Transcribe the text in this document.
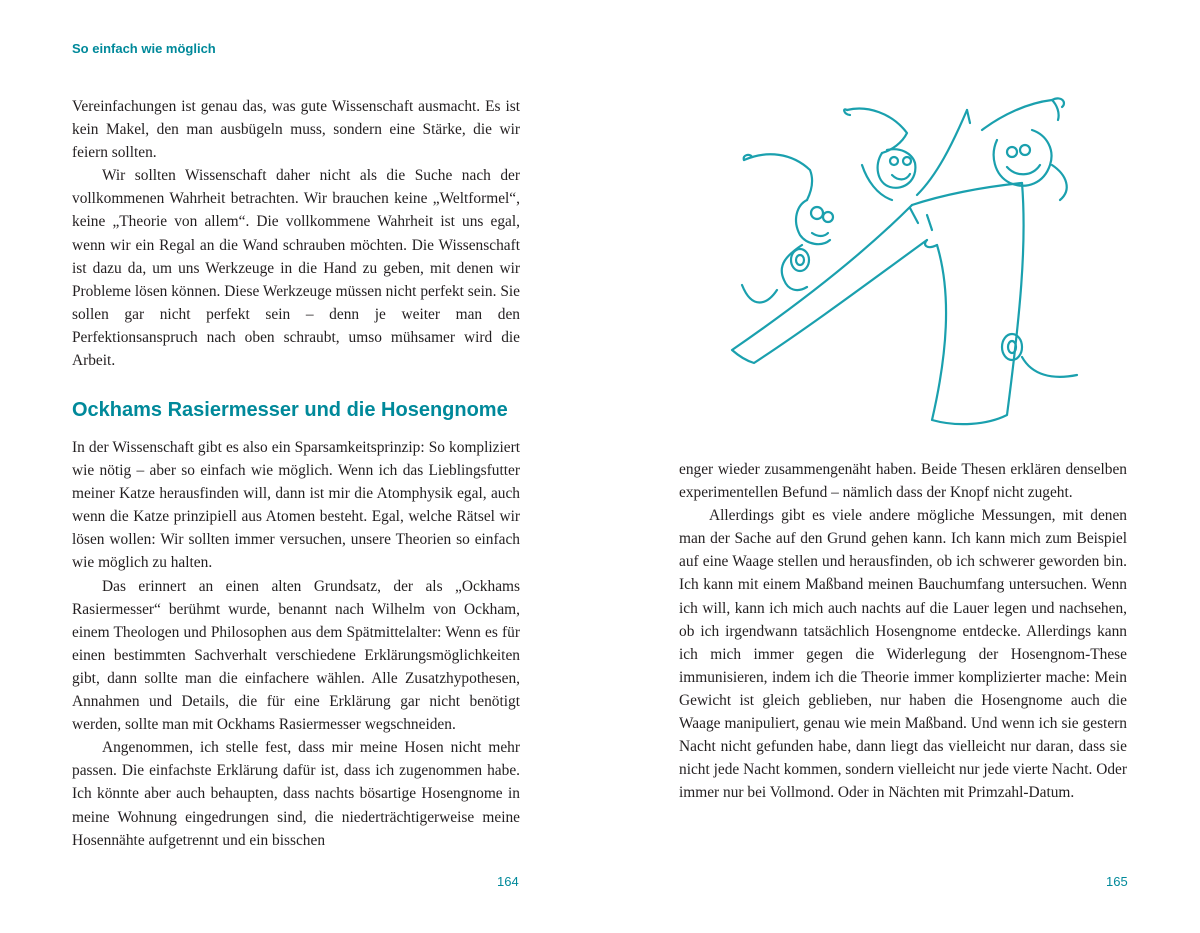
So einfach wie möglich

Vereinfachungen ist genau das, was gute Wissenschaft ausmacht. Es ist kein Makel, den man ausbügeln muss, sondern eine Stärke, die wir feiern sollten.

Wir sollten Wissenschaft daher nicht als die Suche nach der vollkommenen Wahrheit betrachten. Wir brauchen keine „Weltformel“, keine „Theorie von allem“. Die vollkommene Wahrheit ist uns egal, wenn wir ein Regal an die Wand schrauben möchten. Die Wissenschaft ist dazu da, um uns Werkzeuge in die Hand zu geben, mit denen wir Probleme lösen können. Diese Werkzeuge müssen nicht perfekt sein. Sie sollen gar nicht perfekt sein – denn je weiter man den Perfektionsanspruch nach oben schraubt, umso mühsamer wird die Arbeit.

Ockhams Rasiermesser und die Hosengnome

In der Wissenschaft gibt es also ein Sparsamkeitsprinzip: So kompliziert wie nötig – aber so einfach wie möglich. Wenn ich das Lieblingsfutter meiner Katze herausfinden will, dann ist mir die Atomphysik egal, auch wenn die Katze prinzipiell aus Atomen besteht. Egal, welche Rätsel wir lösen wollen: Wir sollten immer versuchen, unsere Theorien so einfach wie möglich zu halten.

Das erinnert an einen alten Grundsatz, der als „Ockhams Rasiermesser“ berühmt wurde, benannt nach Wilhelm von Ockham, einem Theologen und Philosophen aus dem Spätmittelalter: Wenn es für einen bestimmten Sachverhalt verschiedene Erklärungsmöglichkeiten gibt, dann sollte man die einfachere wählen. Alle Zusatzhypothesen, Annahmen und Details, die für eine Erklärung gar nicht benötigt werden, sollte man mit Ockhams Rasiermesser wegschneiden.

Angenommen, ich stelle fest, dass mir meine Hosen nicht mehr passen. Die einfachste Erklärung dafür ist, dass ich zugenommen habe. Ich könnte aber auch behaupten, dass nachts bösartige Hosengnome in meine Wohnung eingedrungen sind, die niederträchtigerweise meine Hosennähte aufgetrennt und ein bisschen

164

enger wieder zusammengenäht haben. Beide Thesen erklären denselben experimentellen Befund – nämlich dass der Knopf nicht zugeht.

Allerdings gibt es viele andere mögliche Messungen, mit denen man der Sache auf den Grund gehen kann. Ich kann mich zum Beispiel auf eine Waage stellen und herausfinden, ob ich schwerer geworden bin. Ich kann mit einem Maßband meinen Bauchumfang untersuchen. Wenn ich will, kann ich mich auch nachts auf die Lauer legen und nachsehen, ob ich irgendwann tatsächlich Hosengnome entdecke. Allerdings kann ich mich immer gegen die Widerlegung der Hosengnom-These immunisieren, indem ich die Theorie immer komplizierter mache: Mein Gewicht ist gleich geblieben, nur haben die Hosengnome auch die Waage manipuliert, genau wie mein Maßband. Und wenn ich sie gestern Nacht nicht gefunden habe, dann liegt das vielleicht nur daran, dass sie nicht jede Nacht kommen, sondern vielleicht nur jede vierte Nacht. Oder immer nur bei Vollmond. Oder in Nächten mit Primzahl-Datum.

165
